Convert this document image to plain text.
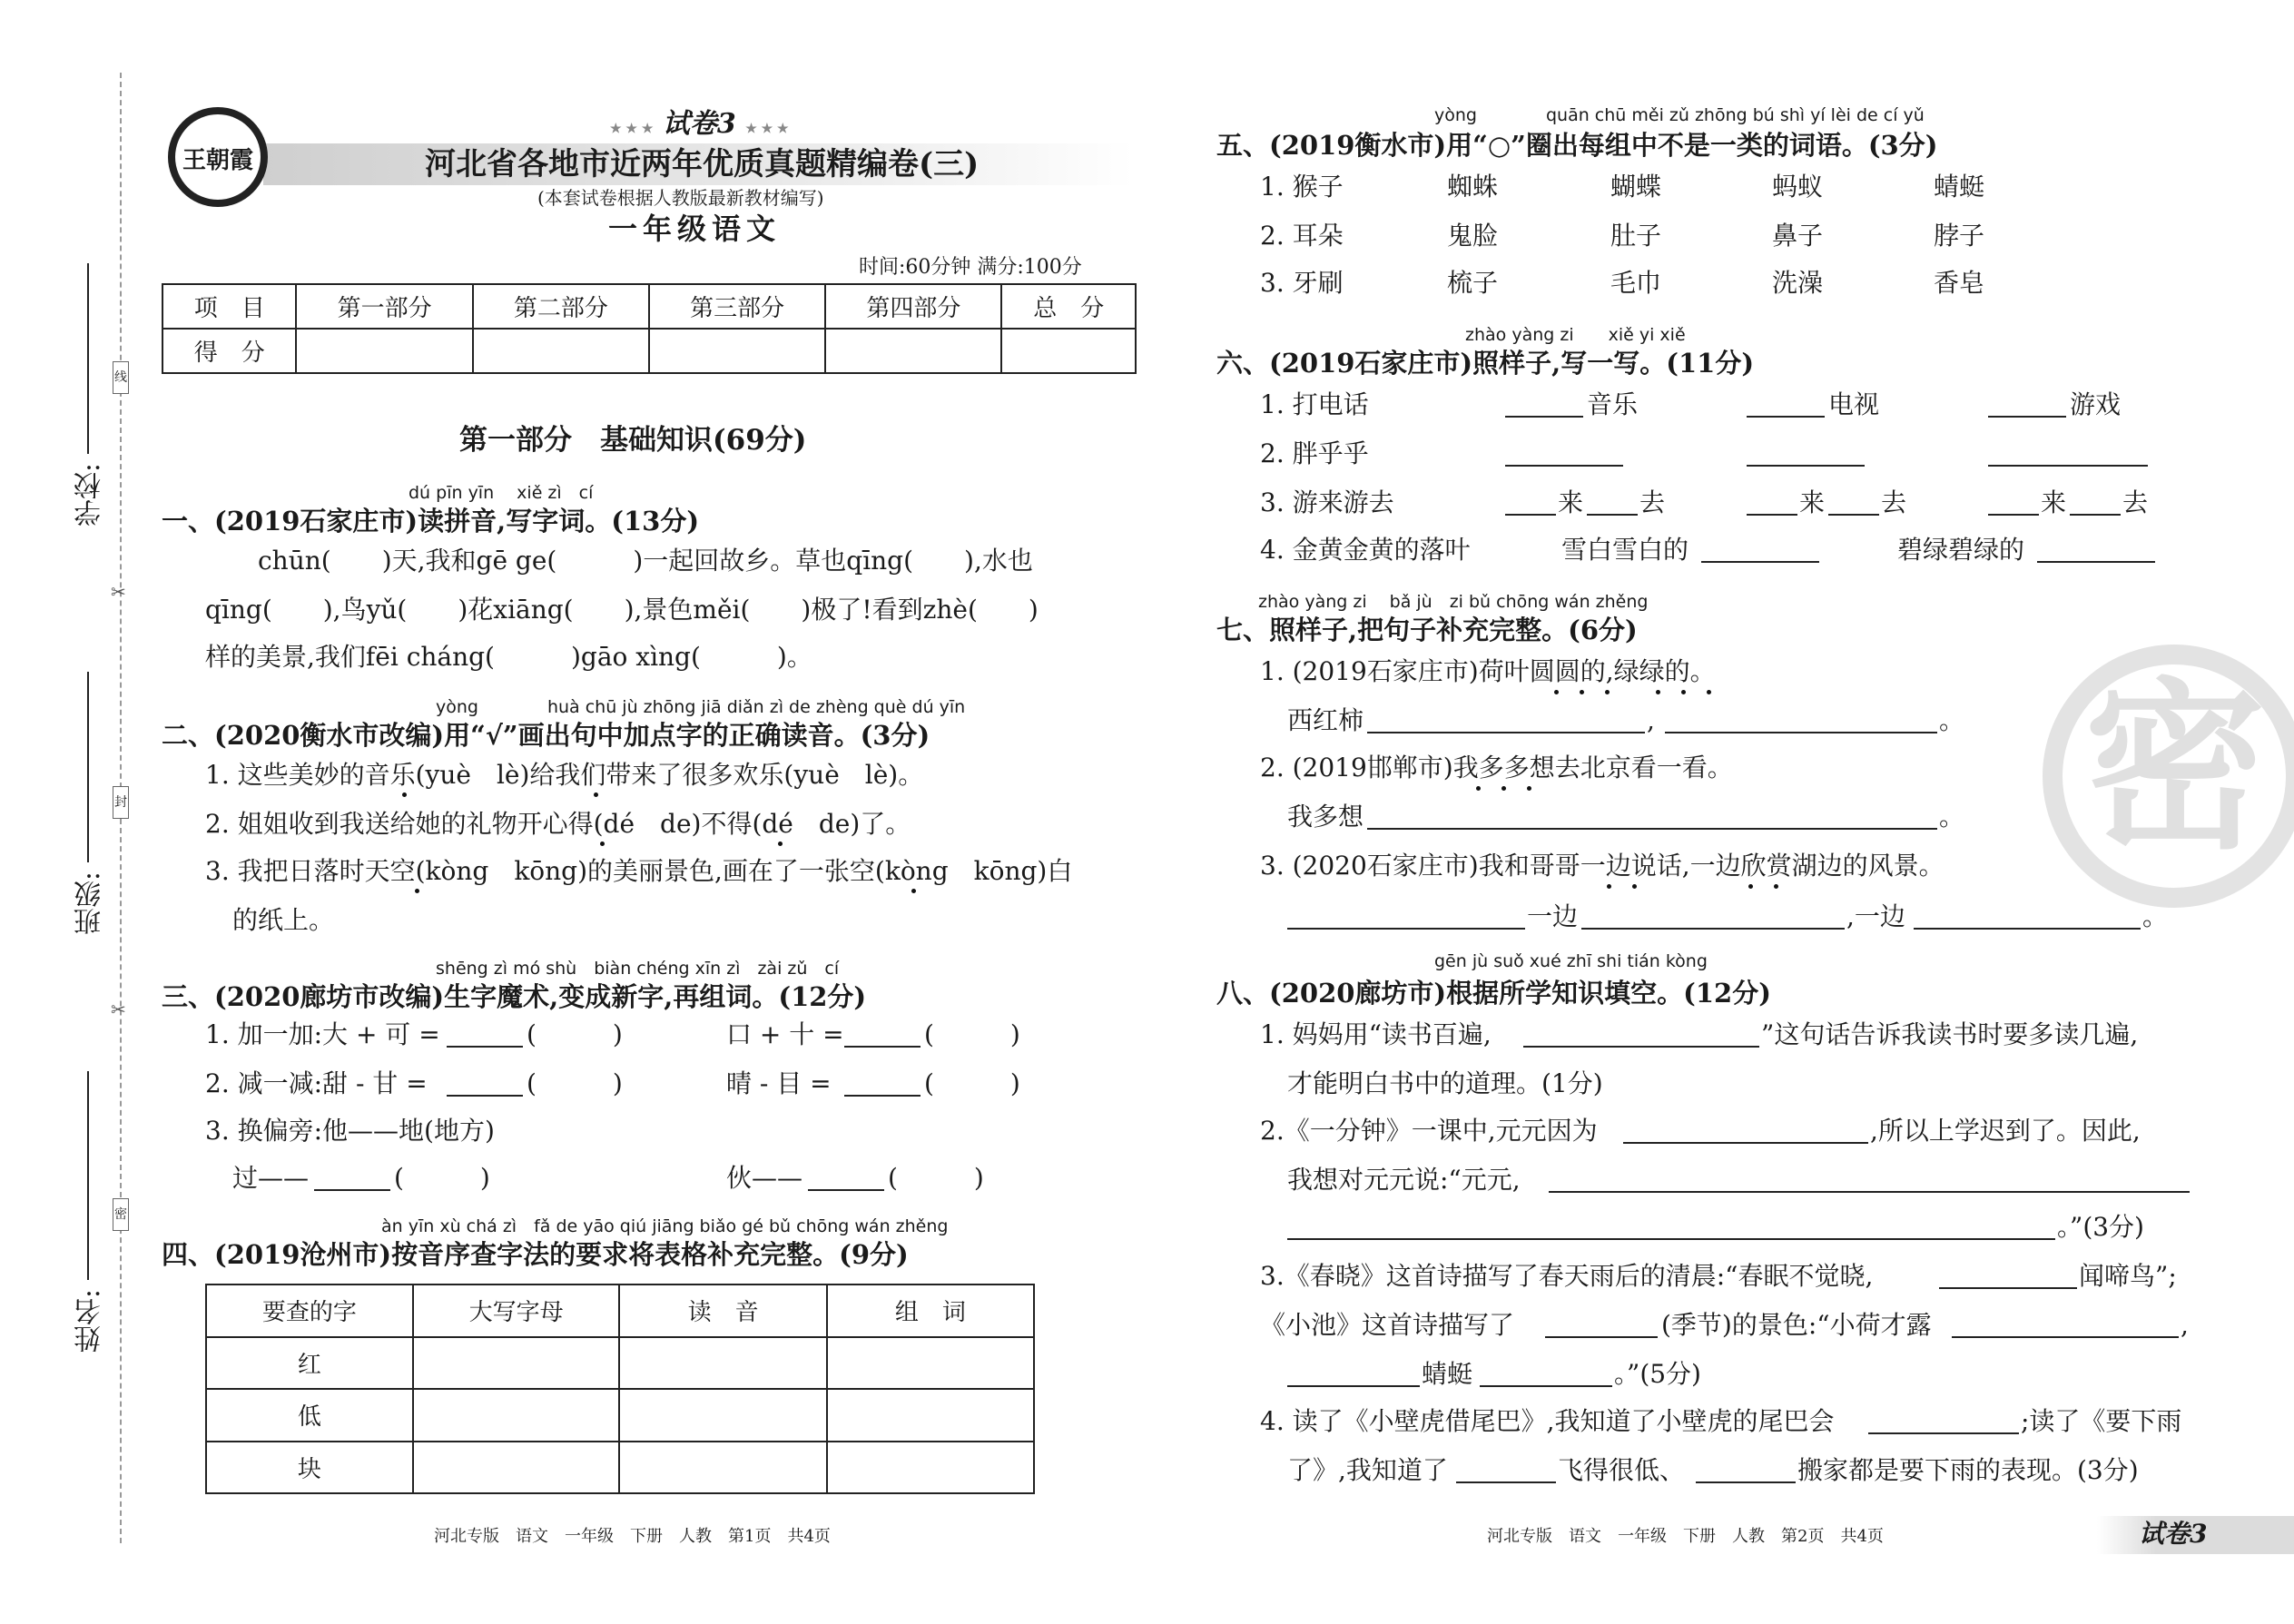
学校:
班级:
姓名:
线
封
密
✂
✂
王朝霞
★ ★ ★ 试卷3 ★ ★ ★
河北省各地市近两年优质真题精编卷(三)
(本套试卷根据人教版最新教材编写)
一年级语文
时间:60分钟 满分:100分
项　目	第一部分	第二部分	第三部分	第四部分	总　分
得　分					
第一部分　基础知识(69分)
dú pīn yīn　 xiě zì　cí
一、(2019石家庄市)读拼音,写字词。(13分)
chūn(　　)天,我和gē ge(　　　)一起回故乡。草也qīng(　　),水也
qīng(　　),鸟yǔ(　　)花xiāng(　　),景色měi(　　)极了!看到zhè(　　)
样的美景,我们fēi cháng(　　　)gāo xìng(　　　)。
yòng　　　　huà chū jù zhōng jiā diǎn zì de zhèng què dú yīn
二、(2020衡水市改编)用“√”画出句中加点字的正确读音。(3分)
1. 这些美妙的音乐(yuè　lè)给我们带来了很多欢乐(yuè　lè)。
2. 姐姐收到我送给她的礼物开心得(dé　de)不得(dé　de)了。
3. 我把日落时天空(kòng　kōng)的美丽景色,画在了一张空(kòng　kōng)白
的纸上。
shēng zì mó shù　biàn chéng xīn zì　zài zǔ　cí
三、(2020廊坊市改编)生字魔术,变成新字,再组词。(12分)
1. 加一加:大 + 可 =	(　　　)	口 + 十 =	(　　　)
2. 减一减:甜 - 甘 =	(　　　)	晴 - 目 =	(　　　)
3. 换偏旁:他——地(地方)
过——	(　　　)	伙——	(　　　)
àn yīn xù chá zì　fǎ de yāo qiú jiāng biǎo gé bǔ chōng wán zhěng
四、(2019沧州市)按音序查字法的要求将表格补充完整。(9分)
要查的字	大写字母	读　音	组　词
红			
低			
块			
yòng　　　　quān chū měi zǔ zhōng bú shì yí lèi de cí yǔ
五、(2019衡水市)用“○”圈出每组中不是一类的词语。(3分)
1. 猴子	蜘蛛	蝴蝶	蚂蚁	蜻蜓
2. 耳朵	鬼脸	肚子	鼻子	脖子
3. 牙刷	梳子	毛巾	洗澡	香皂
zhào yàng zi　　xiě yi xiě
六、(2019石家庄市)照样子,写一写。(11分)
1. 打电话	音乐	电视	游戏
2. 胖乎乎
3. 游来游去	来 去	来 去	来 去
4. 金黄金黄的落叶	雪白雪白的	碧绿碧绿的
zhào yàng zi　 bǎ jù　zi bǔ chōng wán zhěng
七、照样子,把句子补充完整。(6分)
1. (2019石家庄市)荷叶圆圆的,绿绿的。
西红柿	,	。
2. (2019邯郸市)我多多想去北京看一看。
我多想	。
3. (2020石家庄市)我和哥哥一边说话,一边欣赏湖边的风景。
一边	,一边	。
gēn jù suǒ xué zhī shi tián kòng
八、(2020廊坊市)根据所学知识填空。(12分)
1. 妈妈用“读书百遍,	”这句话告诉我读书时要多读几遍,
才能明白书中的道理。(1分)
2.《一分钟》一课中,元元因为	,所以上学迟到了。因此,
我想对元元说:“元元,
。”(3分)
3.《春晓》这首诗描写了春天雨后的清晨:“春眠不觉晓,	闻啼鸟”;
《小池》这首诗描写了	(季节)的景色:“小荷才露	,
蜻蜓	。”(5分)
4. 读了《小壁虎借尾巴》,我知道了小壁虎的尾巴会	;读了《要下雨
了》,我知道了	飞得很低、	搬家都是要下雨的表现。(3分)
密
河北专版　语文　一年级　下册　人教　第1页　共4页	河北专版　语文　一年级　下册　人教　第2页　共4页	试卷3
